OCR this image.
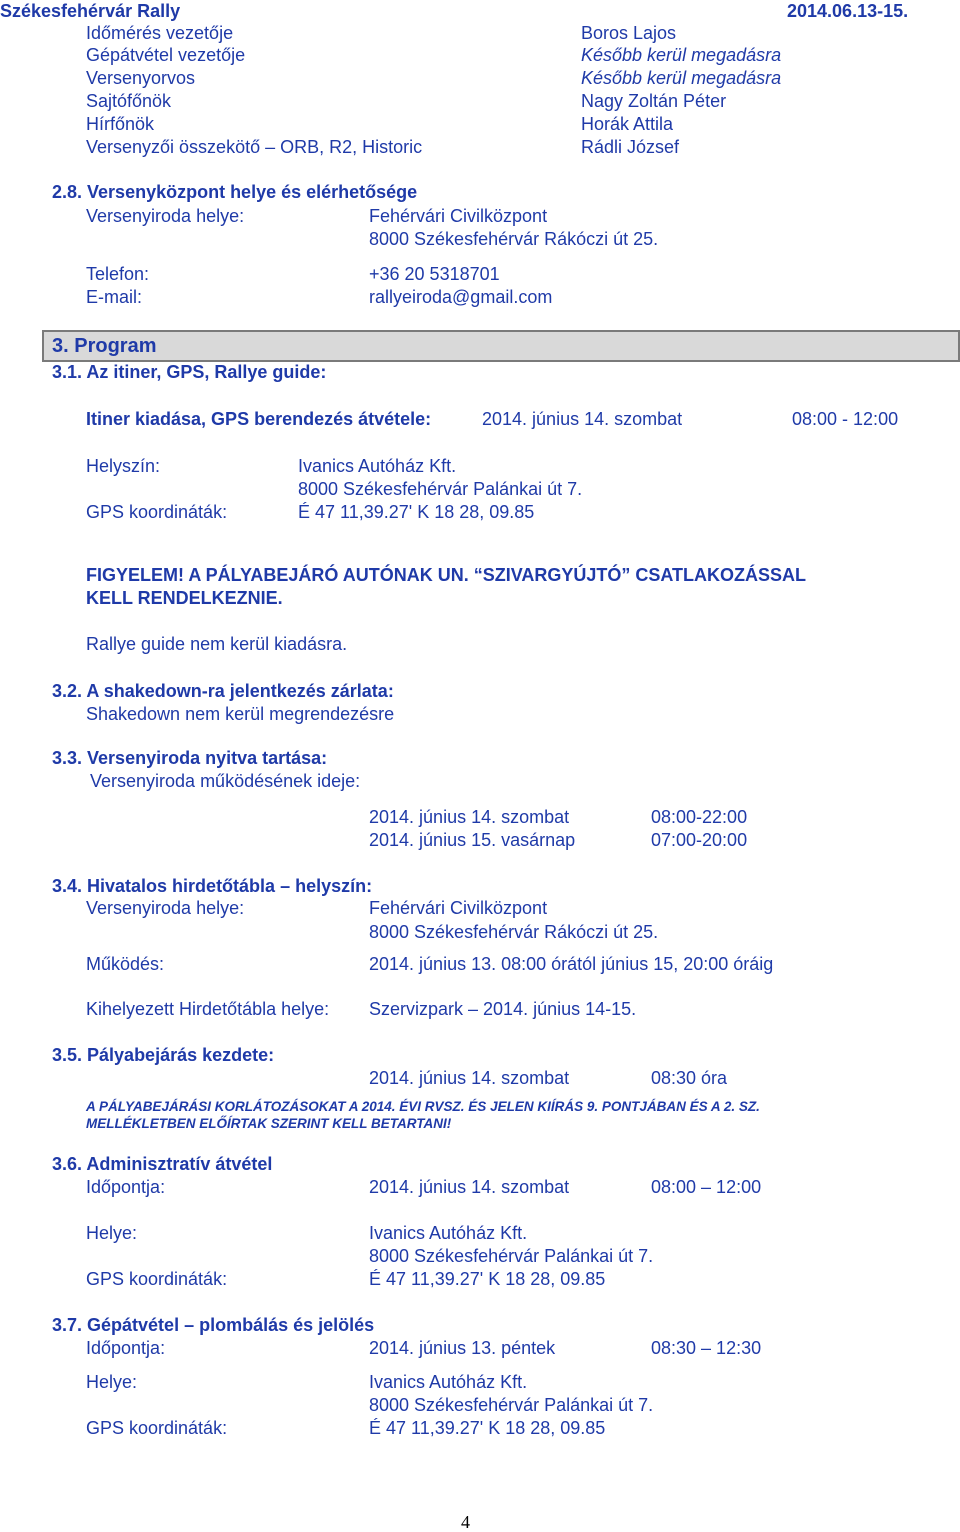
Székesfehérvár Rally	2014.06.13-15.
Időmérés vezetője	Boros Lajos
Gépátvétel vezetője	Később kerül megadásra
Versenyorvos	Később kerül megadásra
Sajtófőnök	Nagy Zoltán Péter
Hírfőnök	Horák Attila
Versenyzői összekötő – ORB, R2, Historic	Rádli József
2.8. Versenyközpont helye és elérhetősége
Versenyiroda helye:	Fehérvári Civilközpont
8000 Székesfehérvár Rákóczi út 25.
Telefon:	+36 20 5318701
E-mail:	rallyeiroda@gmail.com
3. Program
3.1. Az itiner, GPS, Rallye guide:
Itiner kiadása, GPS berendezés átvétele:	2014. június 14. szombat	08:00 - 12:00
Helyszín:	Ivanics Autóház Kft.
8000 Székesfehérvár Palánkai út 7.
GPS koordináták:	É 47 11,39.27' K 18 28, 09.85
FIGYELEM! A PÁLYABEJÁRÓ AUTÓNAK UN. “SZIVARGYÚJTÓ” CSATLAKOZÁSSAL
KELL RENDELKEZNIE.
Rallye guide nem kerül kiadásra.
3.2. A shakedown-ra jelentkezés zárlata:
Shakedown nem kerül megrendezésre
3.3. Versenyiroda nyitva tartása:
Versenyiroda működésének ideje:
2014. június 14. szombat	08:00-22:00
2014. június 15. vasárnap	07:00-20:00
3.4. Hivatalos hirdetőtábla – helyszín:
Versenyiroda helye:	Fehérvári Civilközpont
8000 Székesfehérvár Rákóczi út 25.
Működés:	2014. június 13. 08:00 órától június 15, 20:00 óráig
Kihelyezett Hirdetőtábla helye: Szervizpark – 2014. június 14-15.
3.5. Pályabejárás kezdete:
2014. június 14. szombat	08:30 óra
A PÁLYABEJÁRÁSI KORLÁTOZÁSOKAT A 2014. ÉVI RVSZ. ÉS JELEN KIÍRÁS 9. PONTJÁBAN ÉS A 2. SZ.
MELLÉKLETBEN ELŐÍRTAK SZERINT KELL BETARTANI!
3.6. Adminisztratív átvétel
Időpontja:	2014. június 14. szombat	08:00 – 12:00
Helye:	Ivanics Autóház Kft.
8000 Székesfehérvár Palánkai út 7.
GPS koordináták:	É 47 11,39.27' K 18 28, 09.85
3.7. Gépátvétel – plombálás és jelölés
Időpontja:	2014. június 13. péntek	08:30 – 12:30
Helye:	Ivanics Autóház Kft.
8000 Székesfehérvár Palánkai út 7.
GPS koordináták:	É 47 11,39.27' K 18 28, 09.85
4
